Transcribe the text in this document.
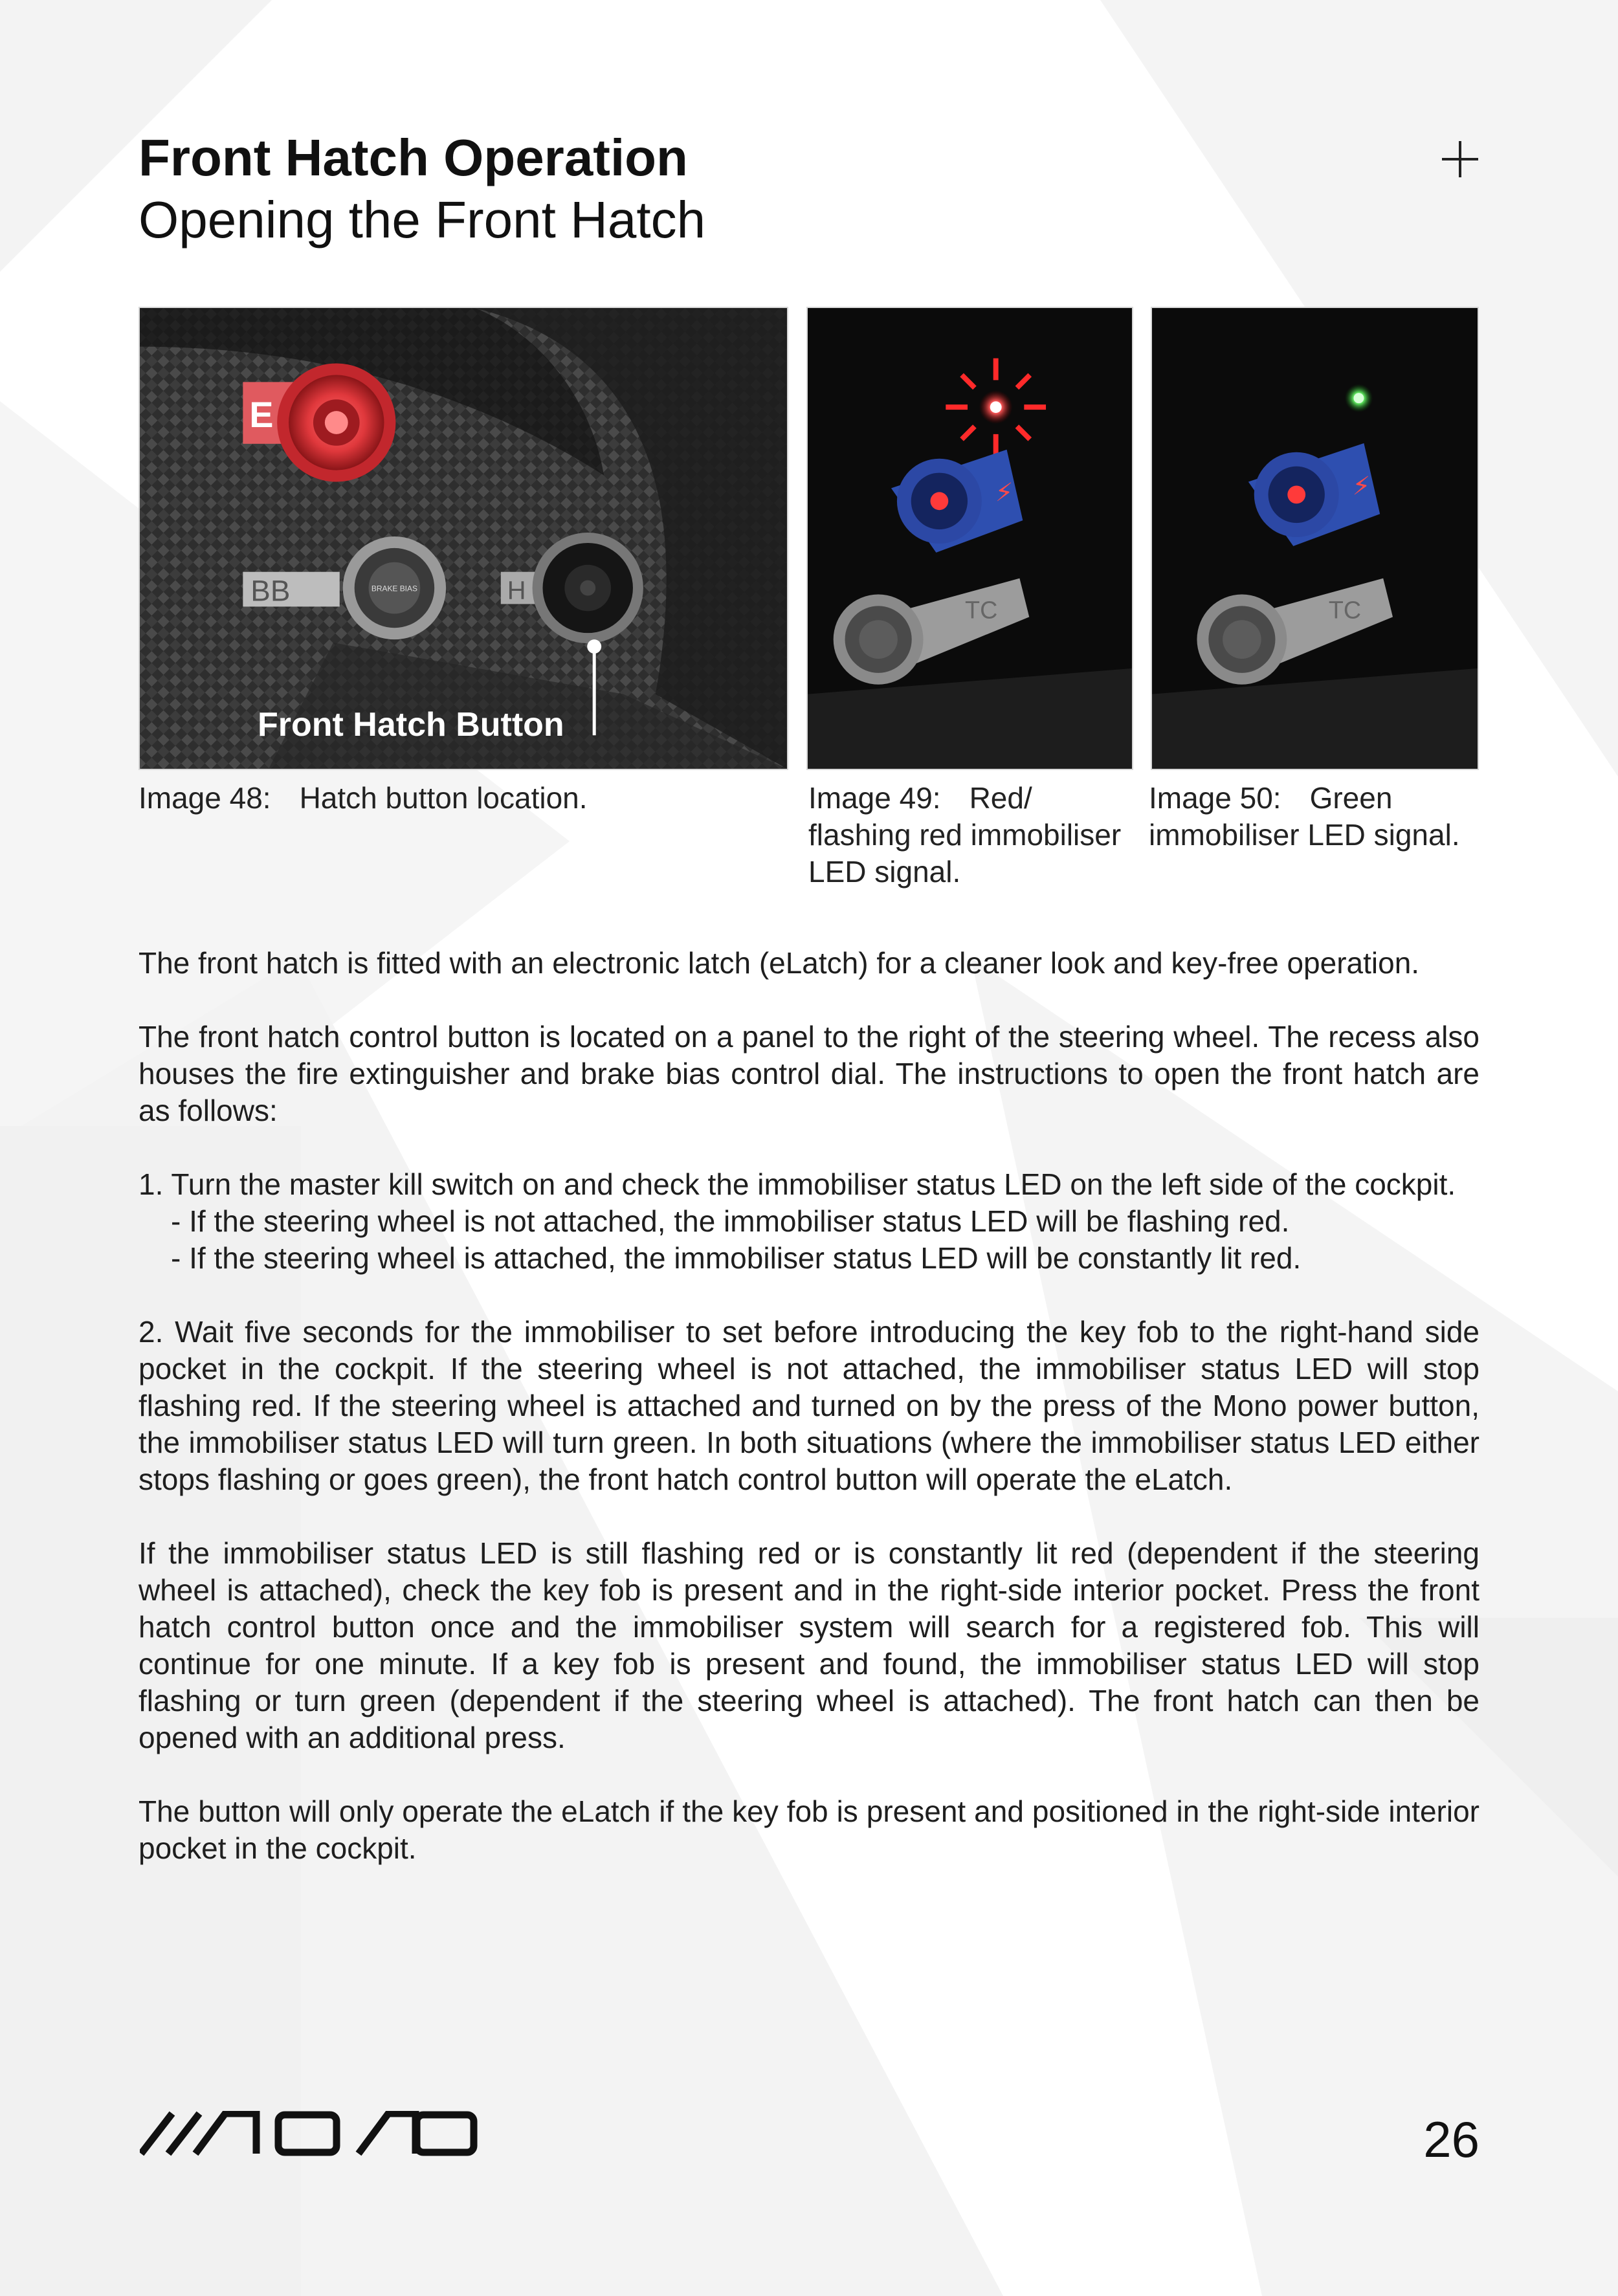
Front Hatch Operation
Opening the Front Hatch
E
BB	BRAKE BIAS	H
Front Hatch Button
⚡
TC
⚡
TC
Image 48: Hatch button location.	Image 49: Red/ flashing red immobiliser LED signal.
Image 50: Green immobiliser LED signal.

The front hatch is fitted with an electronic latch (eLatch) for a cleaner look and key-free operation.

The front hatch control button is located on a panel to the right of the steering wheel. The recess also houses the fire extinguisher and brake bias control dial. The instructions to open the front hatch are as follows:

1. Turn the master kill switch on and check the immobiliser status LED on the left side of the cockpit.
- If the steering wheel is not attached, the immobiliser status LED will be flashing red.
- If the steering wheel is attached, the immobiliser status LED will be constantly lit red.

2. Wait five seconds for the immobiliser to set before introducing the key fob to the right-hand side pocket in the cockpit. If the steering wheel is not attached, the immobiliser status LED will stop flashing red. If the steering wheel is attached and turned on by the press of the Mono power button, the immobiliser status LED will turn green. In both situations (where the immobiliser status LED either stops flashing or goes green), the front hatch control button will operate the eLatch.

If the immobiliser status LED is still flashing red or is constantly lit red (dependent if the steering wheel is attached), check the key fob is present and in the right-side interior pocket. Press the front hatch control button once and the immobiliser system will search for a registered fob. This will continue for one minute. If a key fob is present and found, the immobiliser status LED will stop flashing or turn green (dependent if the steering wheel is attached). The front hatch can then be opened with an additional press.

The button will only operate the eLatch if the key fob is present and positioned in the right-side interior pocket in the cockpit.

26
